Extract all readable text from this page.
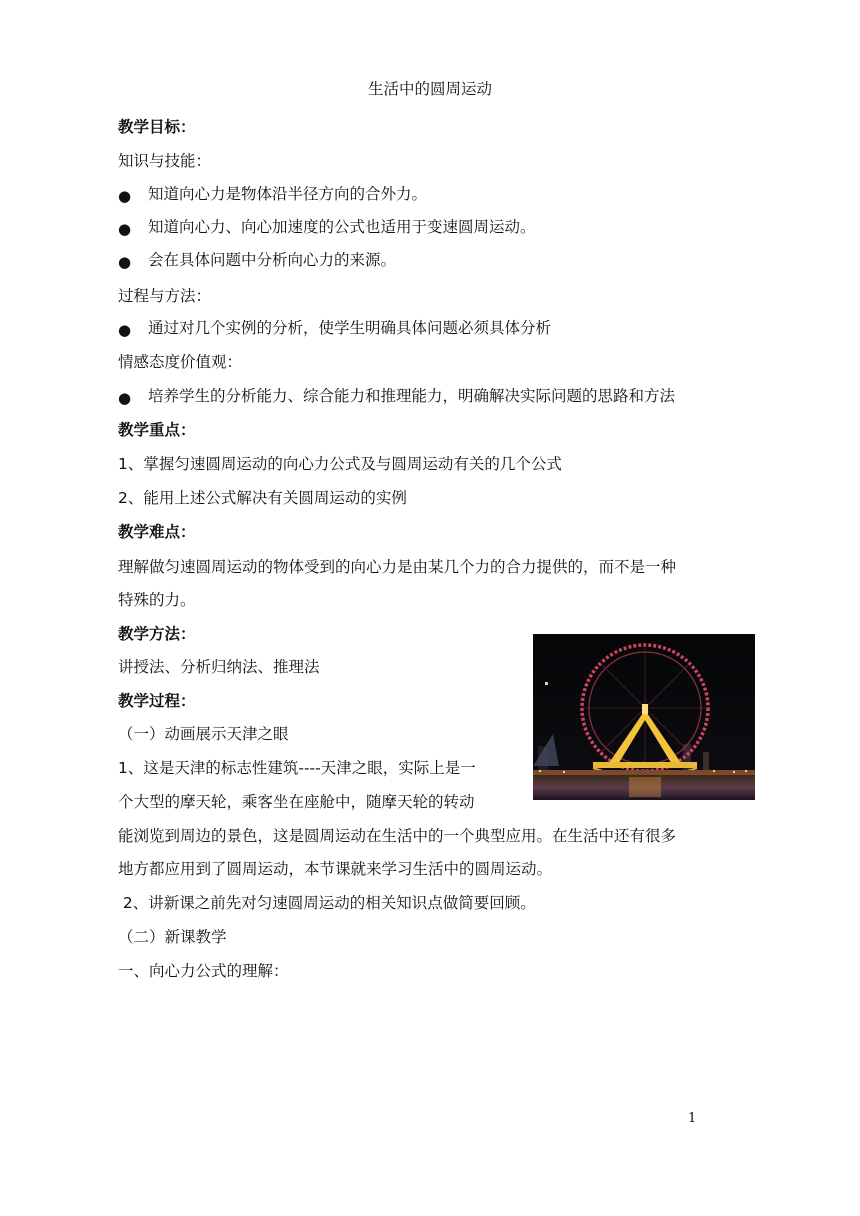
生活中的圆周运动
教学目标：
知识与技能：
● 知道向心力是物体沿半径方向的合外力。
● 知道向心力、向心加速度的公式也适用于变速圆周运动。
● 会在具体问题中分析向心力的来源。
过程与方法：
● 通过对几个实例的分析，使学生明确具体问题必须具体分析
情感态度价值观：
● 培养学生的分析能力、综合能力和推理能力，明确解决实际问题的思路和方法
教学重点：
1、掌握匀速圆周运动的向心力公式及与圆周运动有关的几个公式
2、能用上述公式解决有关圆周运动的实例
教学难点：
理解做匀速圆周运动的物体受到的向心力是由某几个力的合力提供的，而不是一种
特殊的力。
教学方法：
讲授法、分析归纳法、推理法
教学过程：
（一）动画展示天津之眼
1、这是天津的标志性建筑----天津之眼，实际上是一
个大型的摩天轮，乘客坐在座舱中，随摩天轮的转动
能浏览到周边的景色，这是圆周运动在生活中的一个典型应用。在生活中还有很多
地方都应用到了圆周运动，本节课就来学习生活中的圆周运动。
2、讲新课之前先对匀速圆周运动的相关知识点做简要回顾。
（二）新课教学
一、向心力公式的理解：
1
